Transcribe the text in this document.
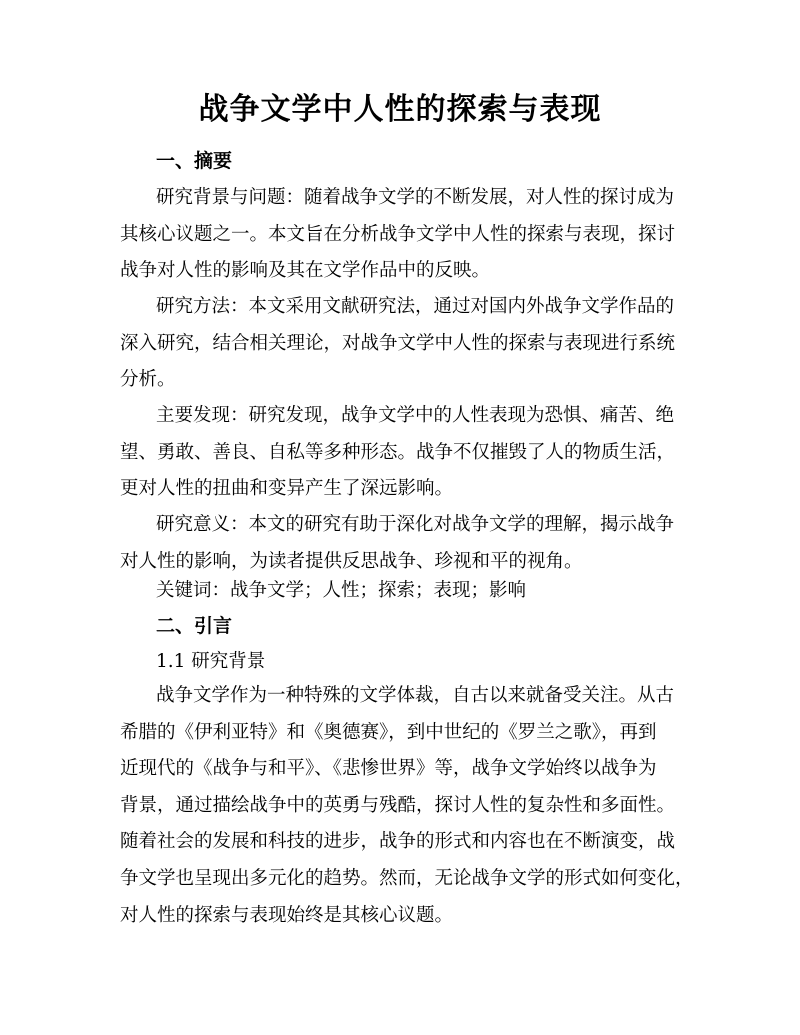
战争文学中人性的探索与表现
一、摘要
研究背景与问题：随着战争文学的不断发展，对人性的探讨成为
其核心议题之一。本文旨在分析战争文学中人性的探索与表现，探讨
战争对人性的影响及其在文学作品中的反映。
研究方法：本文采用文献研究法，通过对国内外战争文学作品的
深入研究，结合相关理论，对战争文学中人性的探索与表现进行系统
分析。
主要发现：研究发现，战争文学中的人性表现为恐惧、痛苦、绝
望、勇敢、善良、自私等多种形态。战争不仅摧毁了人的物质生活，
更对人性的扭曲和变异产生了深远影响。
研究意义：本文的研究有助于深化对战争文学的理解，揭示战争
对人性的影响，为读者提供反思战争、珍视和平的视角。
关键词：战争文学；人性；探索；表现；影响
二、引言
1.1 研究背景
战争文学作为一种特殊的文学体裁，自古以来就备受关注。从古
希腊的《伊利亚特》和《奥德赛》，到中世纪的《罗兰之歌》，再到
近现代的《战争与和平》、《悲惨世界》等，战争文学始终以战争为
背景，通过描绘战争中的英勇与残酷，探讨人性的复杂性和多面性。
随着社会的发展和科技的进步，战争的形式和内容也在不断演变，战
争文学也呈现出多元化的趋势。然而，无论战争文学的形式如何变化，
对人性的探索与表现始终是其核心议题。
